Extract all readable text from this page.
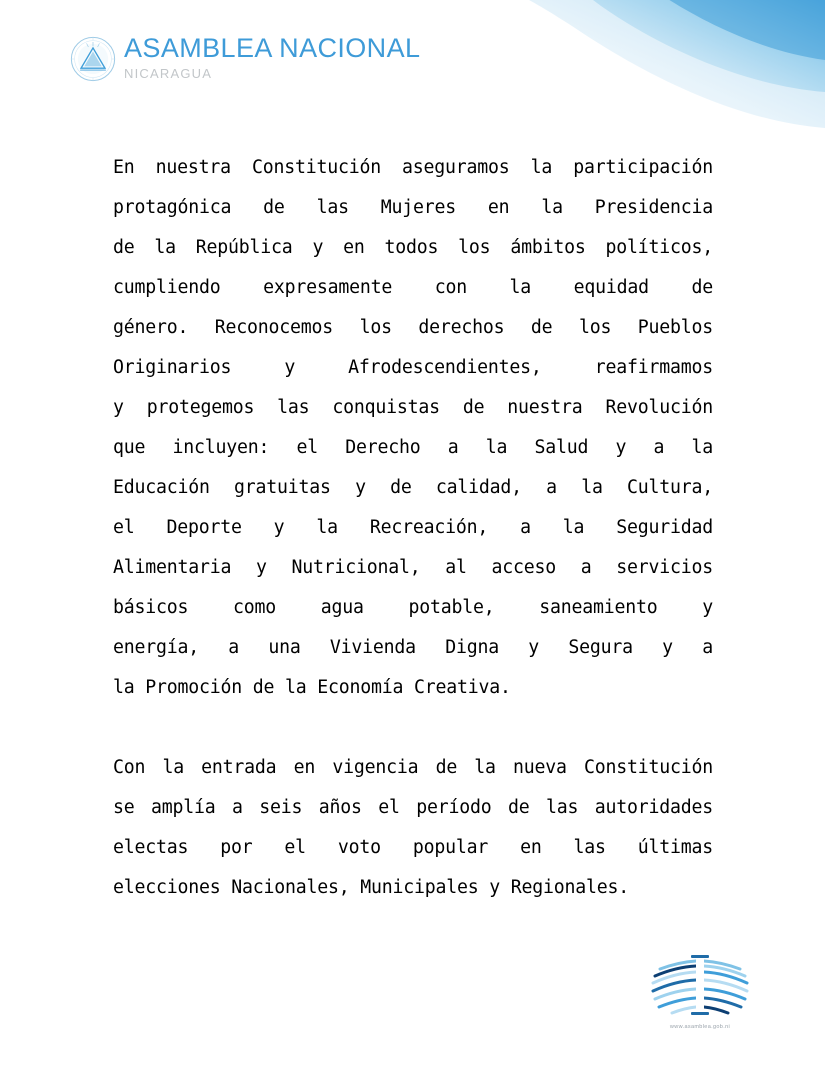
ASAMBLEA NACIONAL
NICARAGUA

En nuestra Constitución aseguramos la participación
protagónica de las Mujeres en la Presidencia
de la República y en todos los ámbitos políticos,
cumpliendo expresamente con la equidad de
género. Reconocemos los derechos de los Pueblos
Originarios y Afrodescendientes, reafirmamos
y protegemos las conquistas de nuestra Revolución
que incluyen: el Derecho a la Salud y a la
Educación gratuitas y de calidad, a la Cultura,
el Deporte y la Recreación, a la Seguridad
Alimentaria y Nutricional, al acceso a servicios
básicos como agua potable, saneamiento y
energía, a una Vivienda Digna y Segura y a
la Promoción de la Economía Creativa.

Con la entrada en vigencia de la nueva Constitución
se amplía a seis años el período de las autoridades
electas por el voto popular en las últimas
elecciones Nacionales, Municipales y Regionales.

www.asamblea.gob.ni
